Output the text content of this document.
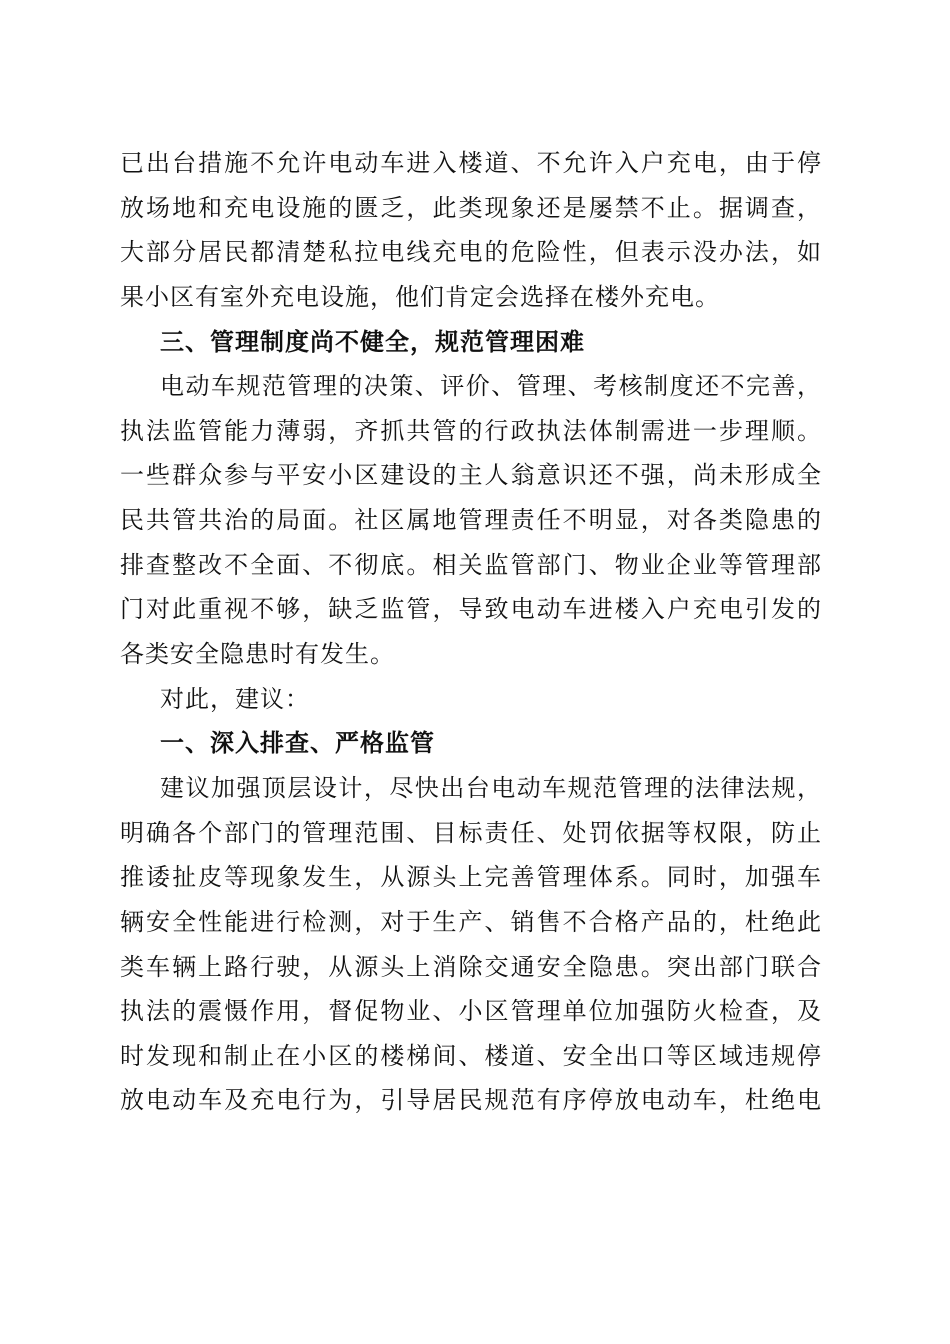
已出台措施不允许电动车进入楼道、不允许入户充电，由于停
放场地和充电设施的匮乏，此类现象还是屡禁不止。据调查，
大部分居民都清楚私拉电线充电的危险性，但表示没办法，如
果小区有室外充电设施，他们肯定会选择在楼外充电。
三、管理制度尚不健全，规范管理困难
电动车规范管理的决策、评价、管理、考核制度还不完善，
执法监管能力薄弱，齐抓共管的行政执法体制需进一步理顺。
一些群众参与平安小区建设的主人翁意识还不强，尚未形成全
民共管共治的局面。社区属地管理责任不明显，对各类隐患的
排查整改不全面、不彻底。相关监管部门、物业企业等管理部
门对此重视不够，缺乏监管，导致电动车进楼入户充电引发的
各类安全隐患时有发生。
对此，建议：
一、深入排查、严格监管
建议加强顶层设计，尽快出台电动车规范管理的法律法规，
明确各个部门的管理范围、目标责任、处罚依据等权限，防止
推诿扯皮等现象发生，从源头上完善管理体系。同时，加强车
辆安全性能进行检测，对于生产、销售不合格产品的，杜绝此
类车辆上路行驶，从源头上消除交通安全隐患。突出部门联合
执法的震慑作用，督促物业、小区管理单位加强防火检查，及
时发现和制止在小区的楼梯间、楼道、安全出口等区域违规停
放电动车及充电行为，引导居民规范有序停放电动车，杜绝电
